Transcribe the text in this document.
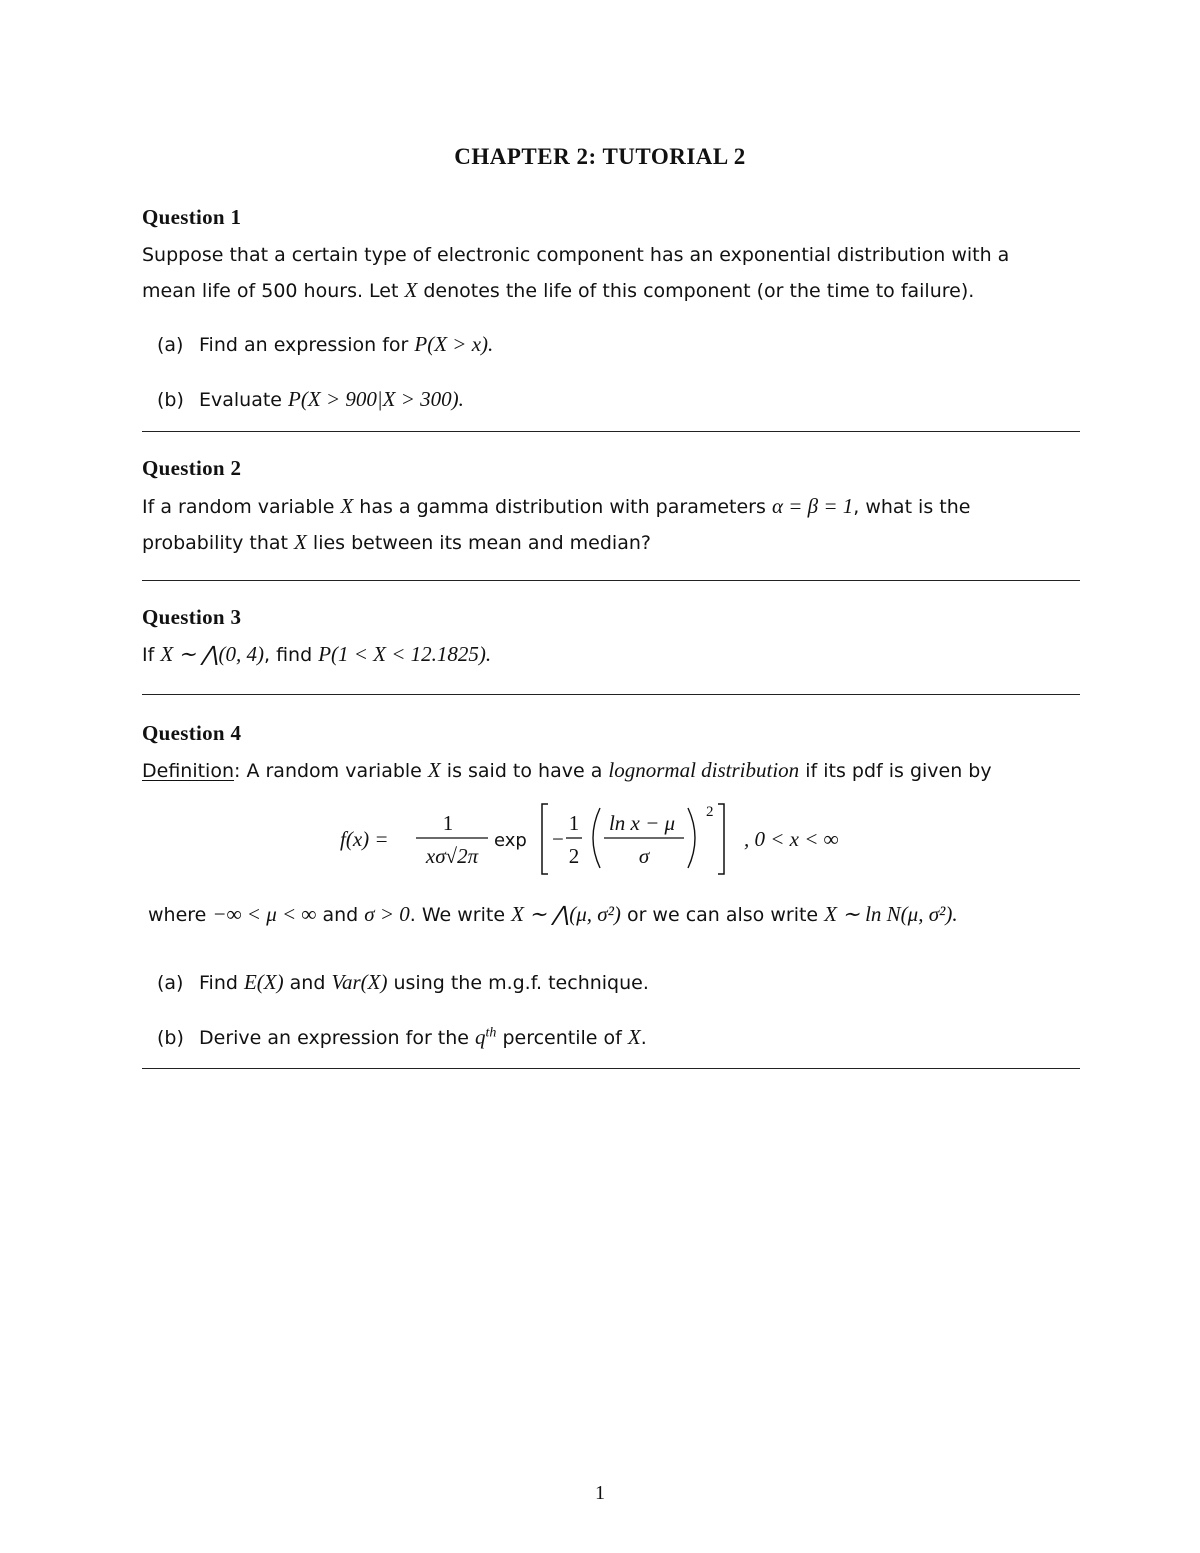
CHAPTER 2: TUTORIAL 2
Question 1
Suppose that a certain type of electronic component has an exponential distribution with a
mean life of 500 hours. Let X denotes the life of this component (or the time to failure).
(a) Find an expression for P(X > x).
(b) Evaluate P(X > 900|X > 300).
Question 2
If a random variable X has a gamma distribution with parameters α = β = 1, what is the
probability that X lies between its mean and median?
Question 3
If X ∼ ⋀(0, 4), find P(1 < X < 12.1825).
Question 4
Definition: A random variable X is said to have a lognormal distribution if its pdf is given by
f(x) =
1
xσ√2π
exp −
1
2
ln x − μ
σ
2
, 0 < x < ∞
where −∞ < μ < ∞ and σ > 0. We write X ∼ ⋀(μ, σ²) or we can also write X ∼ ln N(μ, σ²).
(a) Find E(X) and Var(X) using the m.g.f. technique.
(b) Derive an expression for the $q^{th}$ percentile of X.
1
